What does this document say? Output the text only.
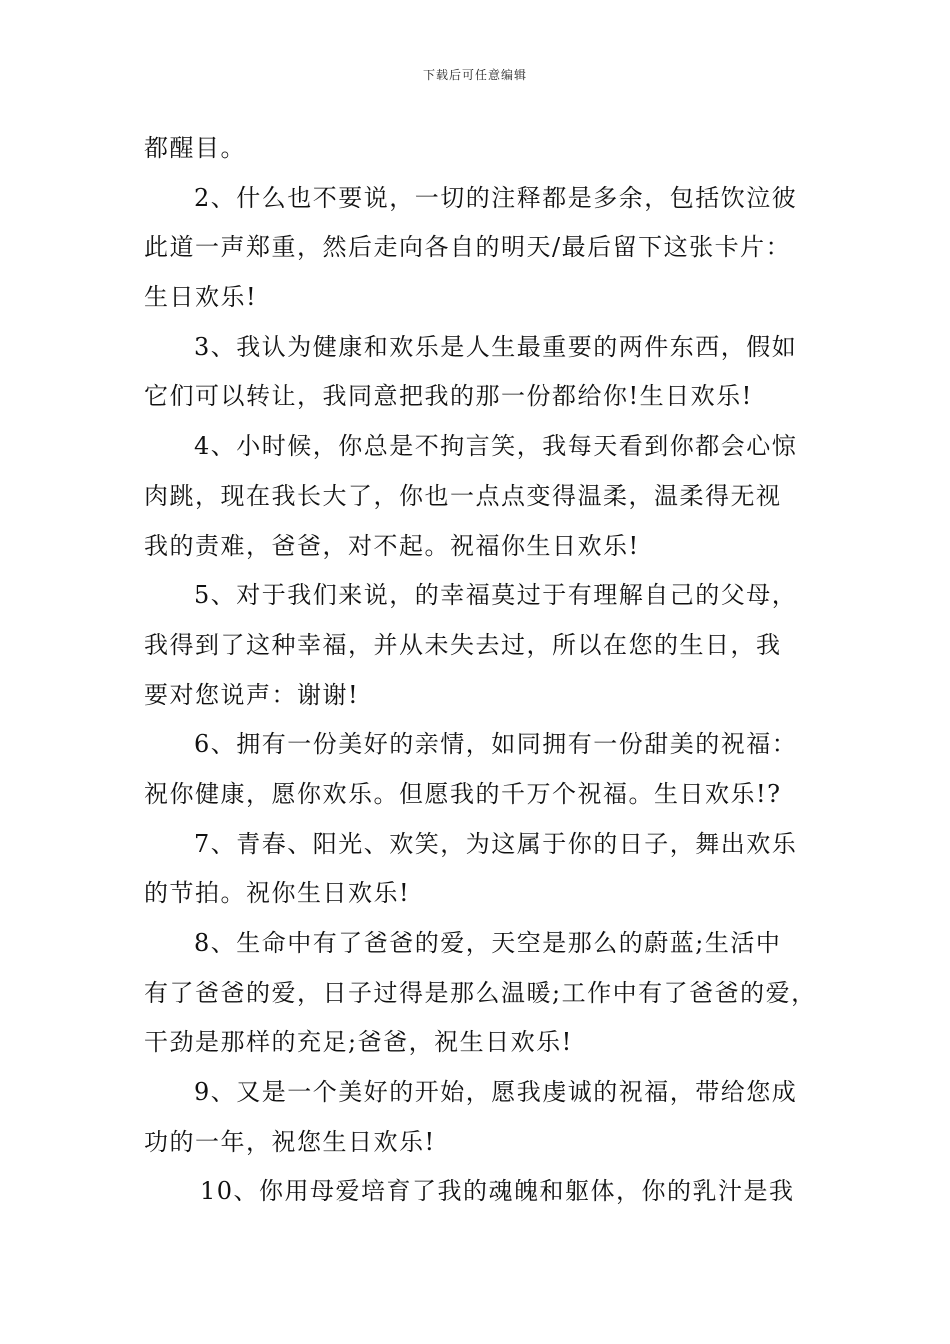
下载后可任意编辑
都醒目。
2、什么也不要说，一切的注释都是多余，包括饮泣彼
此道一声郑重，然后走向各自的明天/最后留下这张卡片：
生日欢乐!
3、我认为健康和欢乐是人生最重要的两件东西，假如
它们可以转让，我同意把我的那一份都给你!生日欢乐!
4、小时候，你总是不拘言笑，我每天看到你都会心惊
肉跳，现在我长大了，你也一点点变得温柔，温柔得无视
我的责难，爸爸，对不起。祝福你生日欢乐!
5、对于我们来说，的幸福莫过于有理解自己的父母，
我得到了这种幸福，并从未失去过，所以在您的生日，我
要对您说声：谢谢!
6、拥有一份美好的亲情，如同拥有一份甜美的祝福：
祝你健康，愿你欢乐。但愿我的千万个祝福。生日欢乐!?
7、青春、阳光、欢笑，为这属于你的日子，舞出欢乐
的节拍。祝你生日欢乐!
8、生命中有了爸爸的爱，天空是那么的蔚蓝;生活中
有了爸爸的爱，日子过得是那么温暖;工作中有了爸爸的爱，
干劲是那样的充足;爸爸，祝生日欢乐!
9、又是一个美好的开始，愿我虔诚的祝福，带给您成
功的一年，祝您生日欢乐!
10、你用母爱培育了我的魂魄和躯体，你的乳汁是我
